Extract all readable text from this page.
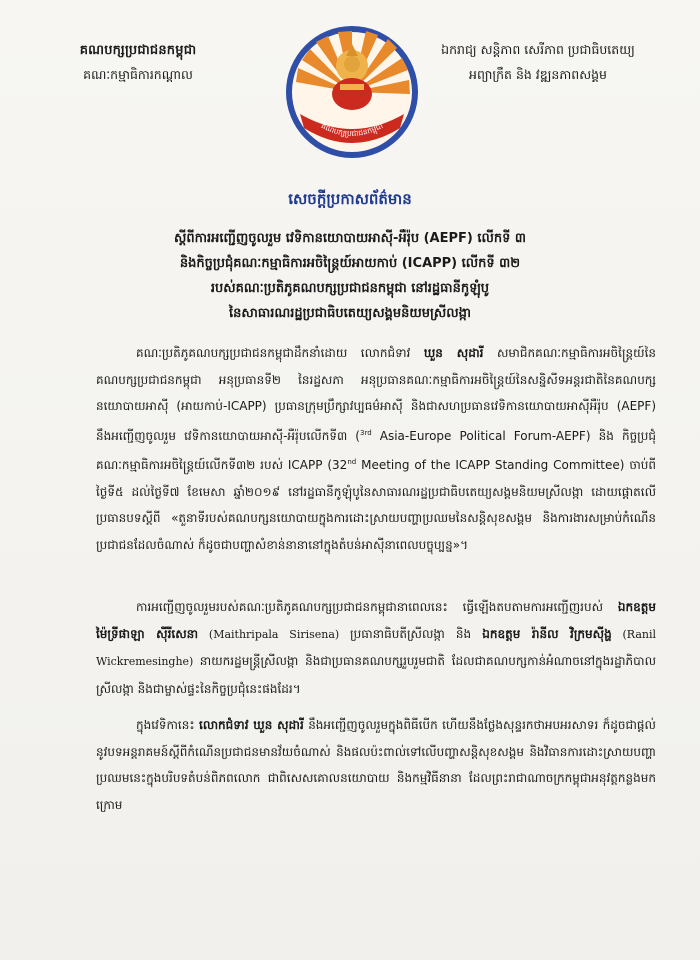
គណបក្សប្រជាជនកម្ពុជា
គណៈកម្មាធិការកណ្ដាល
គណបក្សប្រជាជនកម្ពុជា
ឯករាជ្យ សន្តិភាព សេរីភាព ប្រជាធិបតេយ្យ
អព្យាក្រឹត និង វឌ្ឍនភាពសង្គម
សេចក្ដីប្រកាសព័ត៌មាន
ស្ដីពីការអញ្ជើញចូលរួម វេទិកានយោបាយអាស៊ី-អឺរ៉ុប (AEPF) លើកទី ៣
និងកិច្ចប្រជុំគណៈកម្មាធិការអចិន្ត្រៃយ៍អាយកាប់ (ICAPP) លើកទី ៣២
របស់គណៈប្រតិភូគណបក្សប្រជាជនកម្ពុជា នៅរដ្ឋធានីកូឡុំបូ
នៃសាធារណរដ្ឋប្រជាធិបតេយ្យសង្គមនិយមស្រីលង្កា
គណៈប្រតិភូគណបក្សប្រជាជនកម្ពុជាដឹកនាំដោយ លោកជំទាវ ឃួន សុដារី សមាជិកគណៈកម្មាធិការអចិន្ត្រៃយ៍នៃគណបក្សប្រជាជនកម្ពុជា អនុប្រធានទី២ នៃរដ្ឋសភា អនុប្រធានគណៈកម្មាធិការអចិន្ត្រៃយ៍នៃសន្និសីទអន្តរជាតិនៃគណបក្សនយោបាយអាស៊ី (អាយកាប់-ICAPP) ប្រធានក្រុមប្រឹក្សាវប្បធម៌អាស៊ី និងជាសហប្រធានវេទិកានយោបាយអាស៊ីអឺរ៉ុប (AEPF) នឹងអញ្ជើញចូលរួម វេទិកានយោបាយអាស៊ី-អឺរ៉ុបលើកទី៣ ($^{3rd}$ Asia-Europe Political Forum-AEPF) និង កិច្ចប្រជុំគណៈកម្មាធិការអចិន្ត្រៃយ៍លើកទី៣២ របស់ ICAPP (32nd Meeting of the ICAPP Standing Committee) ចាប់ពីថ្ងៃទី៥ ដល់ថ្ងៃទី៧ ខែមេសា ឆ្នាំ២០១៩ នៅរដ្ឋធានីកូឡុំបូនៃសាធារណរដ្ឋប្រជាធិបតេយ្យសង្គមនិយមស្រីលង្កា ដោយផ្ដោតលើប្រធានបទស្ដីពី «តួនាទីរបស់គណបក្សនយោបាយក្នុងការដោះស្រាយបញ្ហាប្រឈមនៃសន្តិសុខសង្គម និងការងារសម្រាប់កំណើនប្រជាជនដែលចំណាស់ ក៏ដូចជាបញ្ហាសំខាន់នានានៅក្នុងតំបន់អាស៊ីនាពេលបច្ចុប្បន្ន»។
ការអញ្ជើញចូលរួមរបស់គណៈប្រតិភូគណបក្សប្រជាជនកម្ពុជានាពេលនេះ ធ្វើឡើងតបតាមការអញ្ជើញរបស់ ឯកឧត្តម ម៉ៃទ្រីផាឡា ស៊ីរីសេនា (Maithripala Sirisena) ប្រធានាធិបតីស្រីលង្កា និង ឯកឧត្តម រ៉ានីល វិក្រមស៊ីង្ហ (Ranil Wickremesinghe) នាយករដ្ឋមន្ត្រីស្រីលង្កា និងជាប្រធានគណបក្សរួបរួមជាតិ ដែលជាគណបក្សកាន់អំណាចនៅក្នុងរដ្ឋាភិបាលស្រីលង្កា និងជាម្ចាស់ផ្ទះនៃកិច្ចប្រជុំនេះផងដែរ។
ក្នុងវេទិកានេះ លោកជំទាវ ឃួន សុដារី នឹងអញ្ជើញចូលរួមក្នុងពិធីបើក ហើយនឹងថ្លែងសុន្ទរកថាអបអរសាទរ ក៏ដូចជាផ្ដល់នូវបទអន្តរាគមន៍ស្ដីពីកំណើនប្រជាជនមានវ័យចំណាស់ និងផលប៉ះពាល់ទៅលើបញ្ហាសន្តិសុខសង្គម និងវិធានការដោះស្រាយបញ្ហាប្រឈមនេះក្នុងបរិបទតំបន់ពិភពលោក ជាពិសេសគោលនយោបាយ និងកម្មវិធីនានា ដែលព្រះរាជាណាចក្រកម្ពុជាអនុវត្តកន្លងមកក្រោម
